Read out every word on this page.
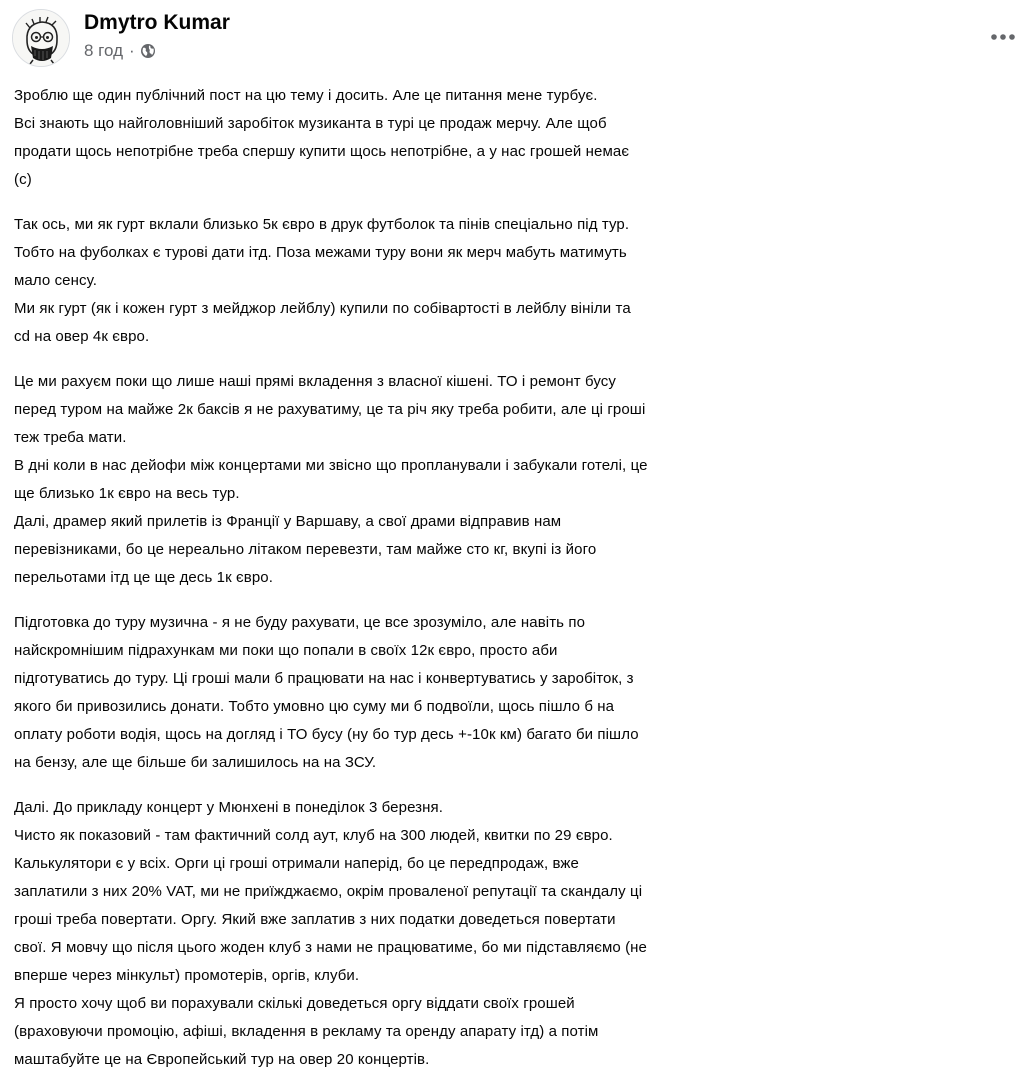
Dmytro Kumar
8 год ·
Зроблю ще один публічний пост на цю тему і досить. Але це питання мене турбує.
Всі знають що найголовніший заробіток музиканта в турі це продаж мерчу. Але щоб
продати щось непотрібне треба спершу купити щось непотрібне, а у нас грошей немає
(с)
Так ось, ми як гурт вклали близько 5к євро в друк футболок та пінів спеціально під тур.
Тобто на фуболках є турові дати ітд. Поза межами туру вони як мерч мабуть матимуть
мало сенсу.
Ми як гурт (як і кожен гурт з мейджор лейблу) купили по собівартості в лейблу вініли та
cd на овер 4к євро.
Це ми рахуєм поки що лише наші прямі вкладення з власної кішені. ТО і ремонт бусу
перед туром на майже 2к баксів я не рахуватиму, це та річ яку треба робити, але ці гроші
теж треба мати.
В дні коли в нас дейофи між концертами ми звісно що пропланували і забукали готелі, це
ще близько 1к євро на весь тур.
Далі, драмер який прилетів із Франції у Варшаву, а свої драми відправив нам
перевізниками, бо це нереально літаком перевезти, там майже сто кг, вкупі із його
перельотами ітд це ще десь 1к євро.
Підготовка до туру музична - я не буду рахувати, це все зрозуміло, але навіть по
найскромнішим підрахункам ми поки що попали в своїх 12к євро, просто аби
підготуватись до туру. Ці гроші мали б працювати на нас і конвертуватись у заробіток, з
якого би привозились донати. Тобто умовно цю суму ми б подвоїли, щось пішло б на
оплату роботи водія, щось на догляд і ТО бусу (ну бо тур десь +-10к км) багато би пішло
на бензу, але ще більше би залишилось на на ЗСУ.
Далі. До прикладу концерт у Мюнхені в понеділок 3 березня.
Чисто як показовий - там фактичний солд аут, клуб на 300 людей, квитки по 29 євро.
Калькулятори є у всіх. Орги ці гроші отримали наперід, бо це передпродаж, вже
заплатили з них 20% VAT, ми не приїжджаємо, окрім проваленої репутації та скандалу ці
гроші треба повертати. Оргу. Який вже заплатив з них податки доведеться повертати
свої. Я мовчу що після цього жоден клуб з нами не працюватиме, бо ми підставляємо (не
вперше через мінкульт) промотерів, оргів, клуби.
Я просто хочу щоб ви порахували скількі доведеться оргу віддати своїх грошей
(враховуючи промоцію, афіші, вкладення в рекламу та оренду апарату ітд) а потім
маштабуйте це на Європейський тур на овер 20 концертів.
